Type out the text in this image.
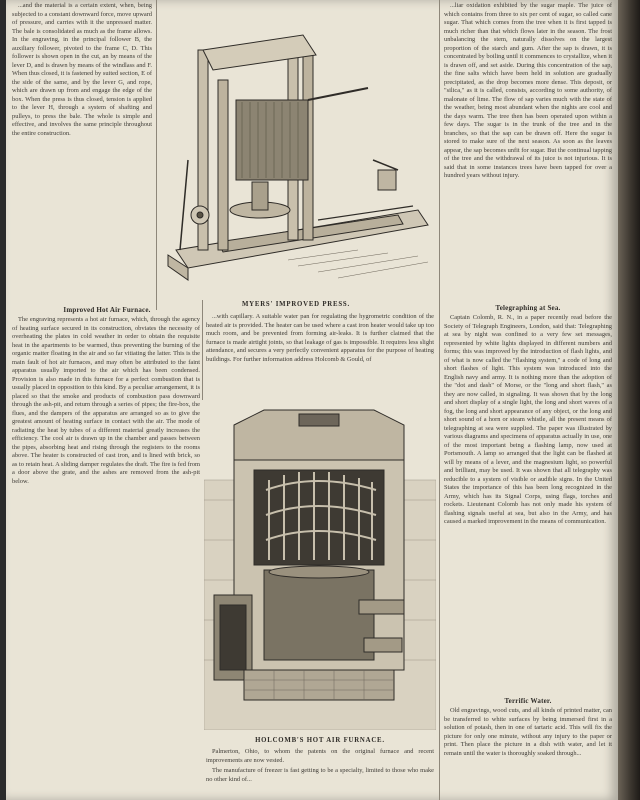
...and the material is a certain extent, when, being subjected to a constant downward force, move upward of pressure, and carries with it the unpressed matter. The bale is consolidated as much as the frame allows. In the engraving, in the principal follower B, the auxiliary follower, pivoted to the frame C, D. This follower is shown open in the cut, an by means of the lever D, and is drawn by means of the windlass and F. When thus closed, it is fastened by suited section, E of the side of the same, and by the lever G, and rope, which are drawn up from and engage the edge of the box. When the press is thus closed, tension is applied to the lever H, through a system of shafting and pulleys, to press the bale. The whole is simple and effective, and involves the same principle throughout the entire construction.

MYERS' IMPROVED PRESS.
Improved Hot Air Furnace.

The engraving represents a hot air furnace, which, through the agency of heating surface secured in its construction, obviates the necessity of overheating the plates in cold weather in order to obtain the requisite heat in the apartments to be warmed, thus preventing the burning of the organic matter floating in the air and so far vitiating the latter. This is the main fault of hot air furnaces, and may often be attributed to the faint apparatus usually imported to the air which has been condensed. Provision is also made in this furnace for a perfect combustion that is usually placed in opposition to this kind. By a peculiar arrangement, it is placed so that the smoke and products of combustion pass downward through the ash-pit, and return through a series of pipes; the fire-box, the flues, and the dampers of the apparatus are arranged so as to give the greatest amount of heating surface in contact with the air. The mode of radiating the heat by tubes of a different material greatly increases the efficiency. The cool air is drawn up in the chamber and passes between the pipes, absorbing heat and rising through the registers to the rooms above. The heater is constructed of cast iron, and is lined with brick, so as to retain heat. A sliding damper regulates the draft. The fire is fed from a door above the grate, and the ashes are removed from the ash-pit below.

...with capillary. A suitable water pan for regulating the hygrometric condition of the heated air is provided. The heater can be used where a cast iron heater would take up too much room, and be prevented from forming air-leaks. It is further claimed that the furnace is made airtight joints, so that leakage of gas is impossible. It requires less slight attendance, and secures a very perfectly convenient apparatus for the purpose of heating buildings. For further information address Holcomb & Gould, of

HOLCOMB'S HOT AIR FURNACE.

Palmerton, Ohio, to whom the patents on the original furnace and recent improvements are now vested.

The manufacture of freezer is fast getting to be a specialty, limited to those who make no other kind of...

...liar oxidation exhibited by the sugar maple. The juice of which contains from three to six per cent of sugar, so called cane sugar. That which comes from the tree when it is first tapped is much richer than that which flows later in the season. The frost unbalancing the stem, naturally dissolves on the largest proportion of the starch and gum. After the sap is drawn, it is concentrated by boiling until it commences to crystallize, when it is drawn off, and set aside. During this concentration of the sap, the fine salts which have been held in solution are gradually precipitated, as the drop becomes more dense. This deposit, or "silica," as it is called, consists, according to some authority, of malonate of lime. The flow of sap varies much with the state of the weather, being most abundant when the nights are cool and the days warm. The tree then has been operated upon within a few days. The sugar is in the trunk of the tree and in the branches, so that the sap can be drawn off. Here the sugar is stored to make sure of the next season. As soon as the leaves appear, the sap becomes unfit for sugar. But the continual tapping of the tree and the withdrawal of its juice is not injurious. It is said that in some instances trees have been tapped for over a hundred years without injury.

Telegraphing at Sea.

Captain Colomb, R. N., in a paper recently read before the Society of Telegraph Engineers, London, said that: Telegraphing at sea by night was confined to a very few set messages, represented by white lights displayed in different numbers and forms; this was improved by the introduction of flash lights, and of what is now called the "flashing system," a code of long and short flashes of light. This system was introduced into the English navy and army. It is nothing more than the adoption of the "dot and dash" of Morse, or the "long and short flash," as they are now called, in signaling. It was shown that by the long and short display of a single light, the long and short waves of a fog, the long and short appearance of any object, or the long and short sound of a horn or steam whistle, all the present means of telegraphing at sea were supplied. The paper was illustrated by various diagrams and specimens of apparatus actually in use, one of the most important being a flashing lamp, now used at Portsmouth. A lamp so arranged that the light can be flashed at will by means of a lever, and the magnesium light, so powerful and brilliant, may be used. It was shown that all telegraphy was reducible to a system of visible or audible signs. In the United States the importance of this has been long recognized in the Army, which has its Signal Corps, using flags, torches and rockets. Lieutenant Colomb has not only made his system of flashing signals useful at sea, but also in the Army, and has caused a marked improvement in the means of communication.

Terrific Water.

Old engravings, wood cuts, and all kinds of printed matter, can be transferred to white surfaces by being immersed first in a solution of potash, then in one of tartaric acid. This will fix the picture for only one minute, without any injury to the paper or print. Then place the picture in a dish with water, and let it remain until the water is thoroughly soaked through...
